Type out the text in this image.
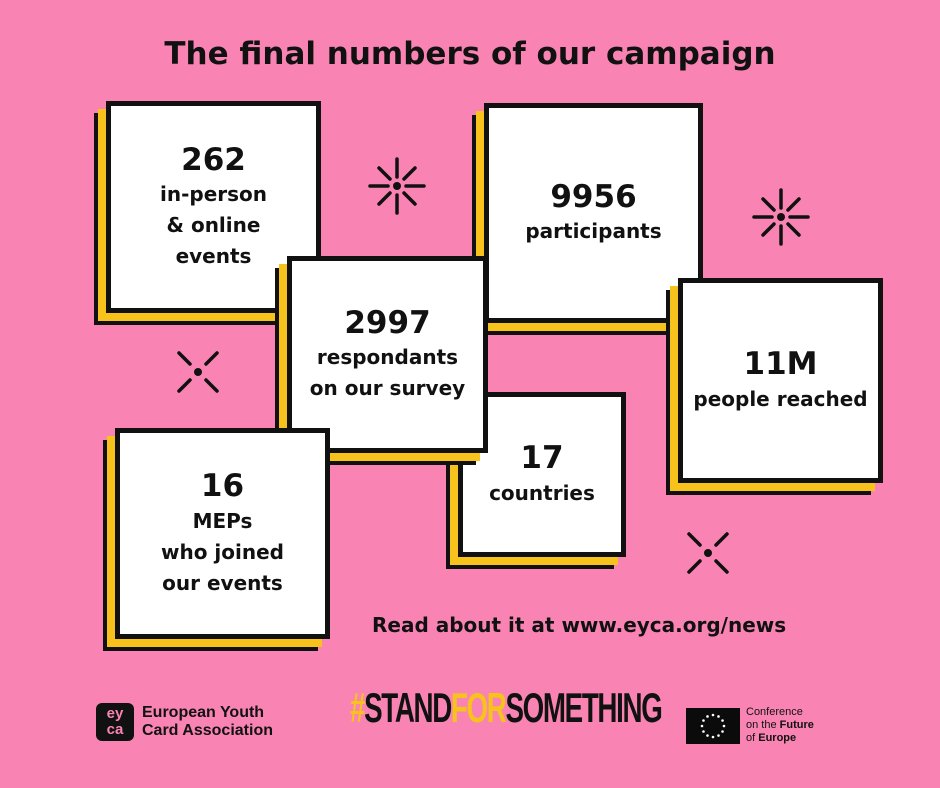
The final numbers of our campaign
262
in-person
& online
events
9956
participants
17
countries
2997
respondants
on our survey
11M
people reached
16
MEPs
who joined
our events
Read about it at www.eyca.org/news
ey
ca
European Youth
Card Association #STANDFORSOMETHING	Conference
on the Future
of Europe
